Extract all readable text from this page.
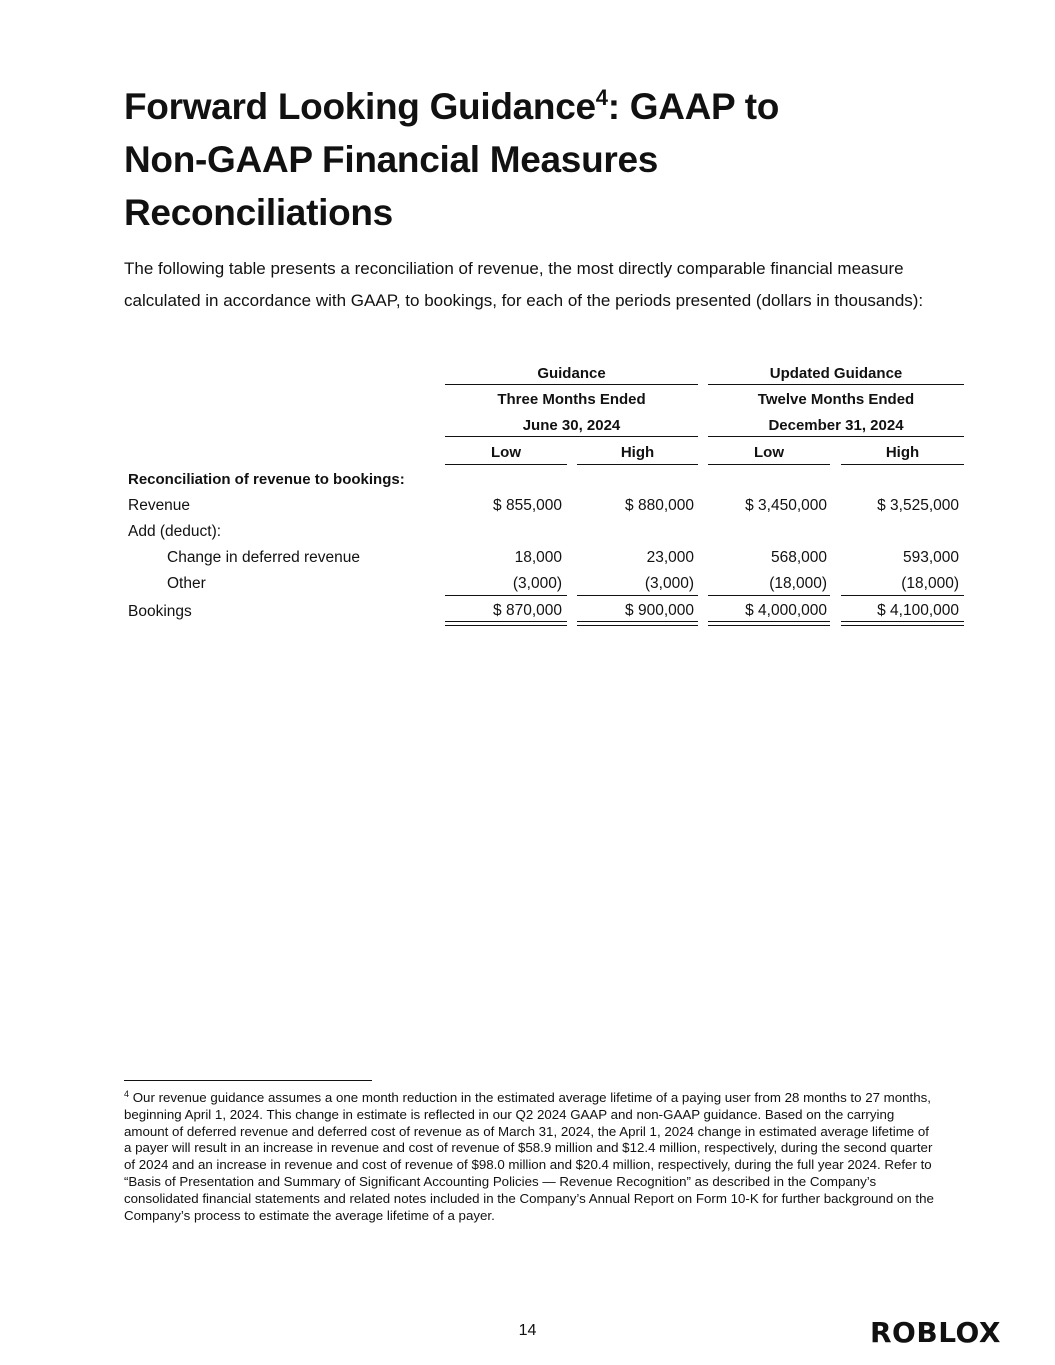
Forward Looking Guidance$^4$: GAAP to
Non-GAAP Financial Measures
Reconciliations

The following table presents a reconciliation of revenue, the most directly comparable financial measure calculated in accordance with GAAP, to bookings, for each of the periods presented (dollars in thousands):

Guidance	Updated Guidance
Three Months Ended	Twelve Months Ended
June 30, 2024	December 31, 2024
Low	High	Low	High
Reconciliation of revenue to bookings:
Revenue	$ 855,000	$ 880,000	$ 3,450,000	$ 3,525,000
Add (deduct):
Change in deferred revenue	18,000	23,000	568,000	593,000
Other	(3,000)	(3,000)	(18,000)	(18,000)
Bookings	$ 870,000	$ 900,000	$ 4,000,000	$ 4,100,000

$^4$ Our revenue guidance assumes a one month reduction in the estimated average lifetime of a paying user from 28 months to 27 months, beginning April 1, 2024. This change in estimate is reflected in our Q2 2024 GAAP and non-GAAP guidance. Based on the carrying amount of deferred revenue and deferred cost of revenue as of March 31, 2024, the April 1, 2024 change in estimated average lifetime of a payer will result in an increase in revenue and cost of revenue of $58.9 million and $12.4 million, respectively, during the second quarter of 2024 and an increase in revenue and cost of revenue of $98.0 million and $20.4 million, respectively, during the full year 2024. Refer to “Basis of Presentation and Summary of Significant Accounting Policies — Revenue Recognition” as described in the Company’s consolidated financial statements and related notes included in the Company’s Annual Report on Form 10-K for further background on the Company’s process to estimate the average lifetime of a payer.

14	ROBLOX
